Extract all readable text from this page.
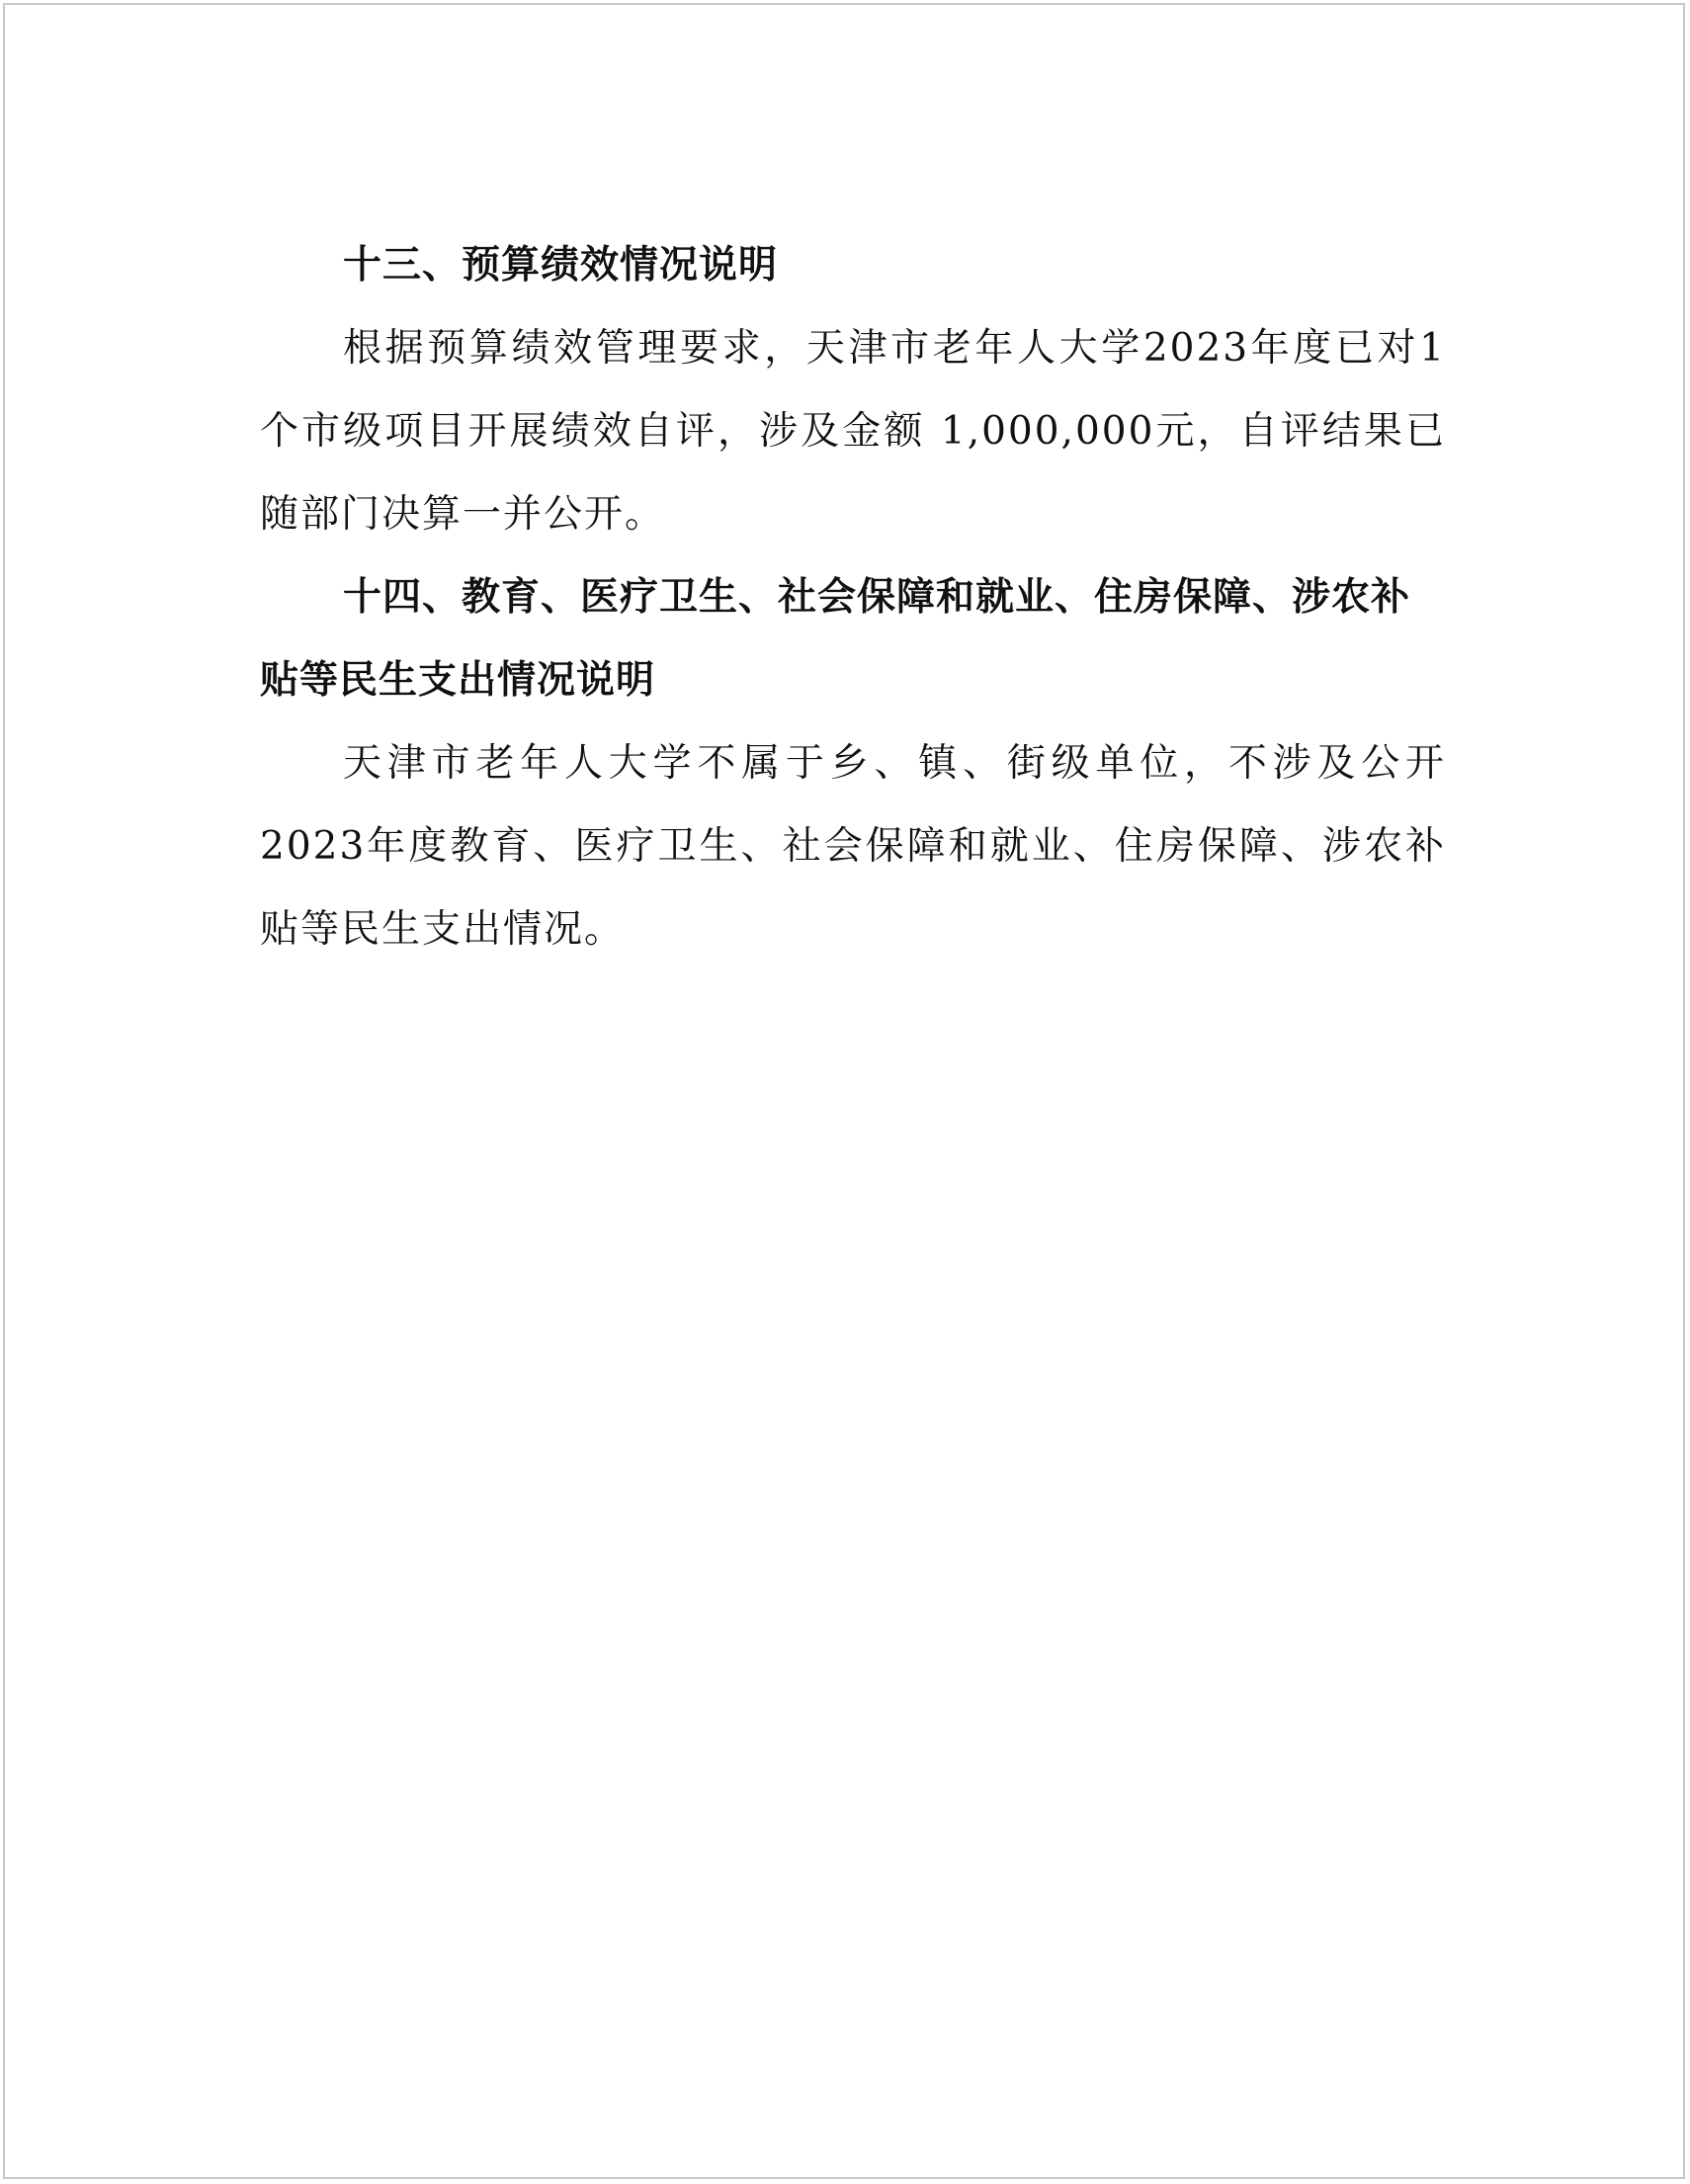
十三、预算绩效情况说明

根据预算绩效管理要求，天津市老年人大学2023年度已对1个市级项目开展绩效自评，涉及金额 1,000,000元，自评结果已随部门决算一并公开。

十四、教育、医疗卫生、社会保障和就业、住房保障、涉农补贴等民生支出情况说明

天津市老年人大学不属于乡、镇、街级单位，不涉及公开2023年度教育、医疗卫生、社会保障和就业、住房保障、涉农补贴等民生支出情况。
